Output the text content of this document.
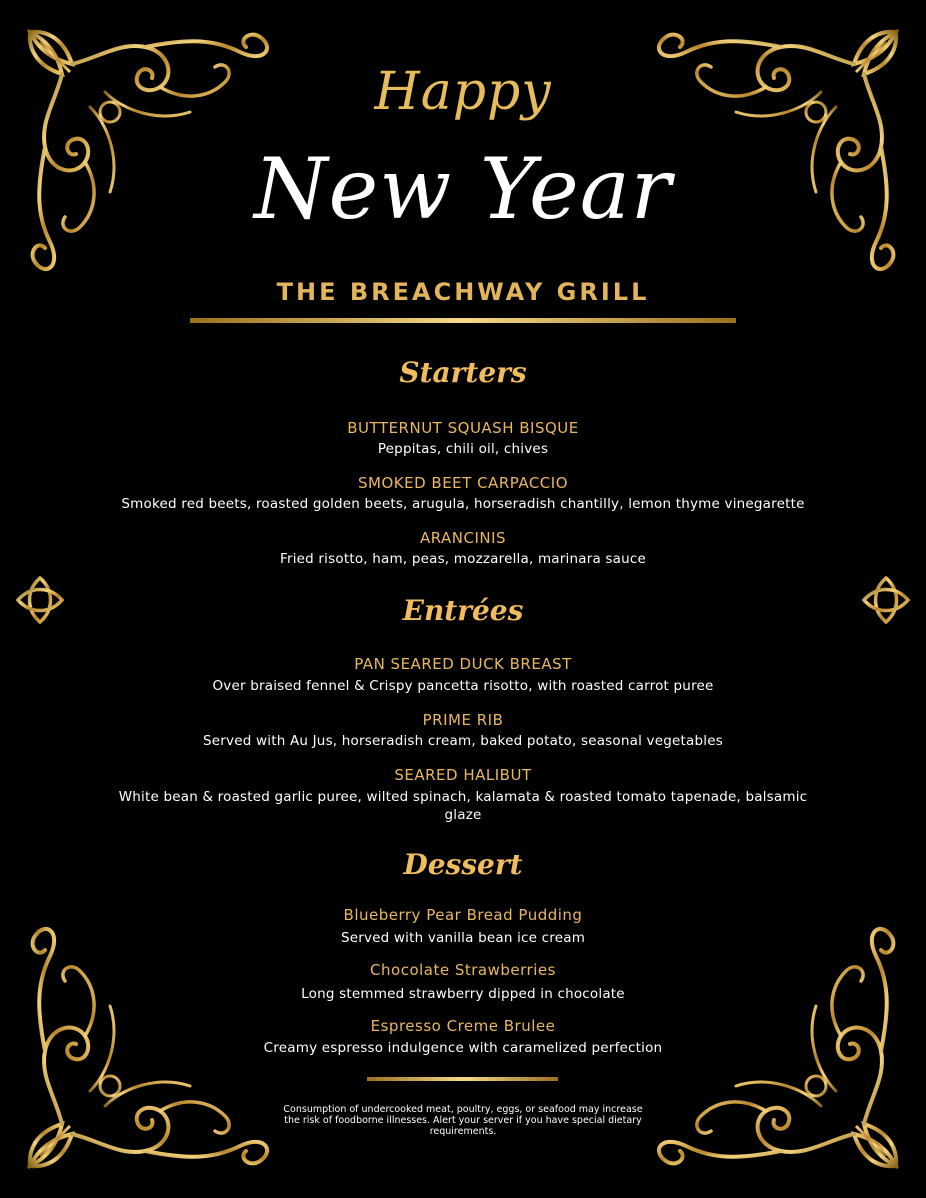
Happy
New Year
THE BREACHWAY GRILL
Starters
BUTTERNUT SQUASH BISQUE
Peppitas, chili oil, chives
SMOKED BEET CARPACCIO
Smoked red beets, roasted golden beets, arugula, horseradish chantilly, lemon thyme vinegarette
ARANCINIS
Fried risotto, ham, peas, mozzarella, marinara sauce
Entrées
PAN SEARED DUCK BREAST
Over braised fennel & Crispy pancetta risotto, with roasted carrot puree
PRIME RIB
Served with Au Jus, horseradish cream, baked potato, seasonal vegetables
SEARED HALIBUT
White bean & roasted garlic puree, wilted spinach, kalamata & roasted tomato tapenade, balsamic glaze
Dessert
Blueberry Pear Bread Pudding
Served with vanilla bean ice cream
Chocolate Strawberries
Long stemmed strawberry dipped in chocolate
Espresso Creme Brulee
Creamy espresso indulgence with caramelized perfection
Consumption of undercooked meat, poultry, eggs, or seafood may increase the risk of foodborne illnesses. Alert your server if you have special dietary requirements.
